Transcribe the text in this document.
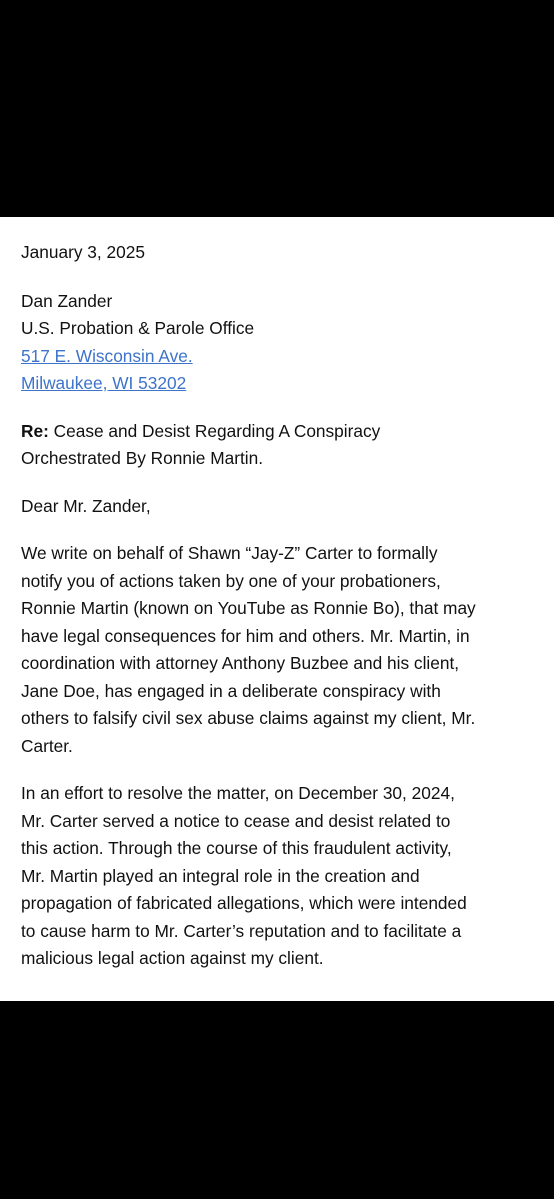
January 3, 2025
Dan Zander
U.S. Probation & Parole Office
517 E. Wisconsin Ave.
Milwaukee, WI 53202
Re: Cease and Desist Regarding A Conspiracy
Orchestrated By Ronnie Martin.
Dear Mr. Zander,
We write on behalf of Shawn “Jay-Z” Carter to formally
notify you of actions taken by one of your probationers,
Ronnie Martin (known on YouTube as Ronnie Bo), that may
have legal consequences for him and others. Mr. Martin, in
coordination with attorney Anthony Buzbee and his client,
Jane Doe, has engaged in a deliberate conspiracy with
others to falsify civil sex abuse claims against my client, Mr.
Carter.
In an effort to resolve the matter, on December 30, 2024,
Mr. Carter served a notice to cease and desist related to
this action. Through the course of this fraudulent activity,
Mr. Martin played an integral role in the creation and
propagation of fabricated allegations, which were intended
to cause harm to Mr. Carter’s reputation and to facilitate a
malicious legal action against my client.
